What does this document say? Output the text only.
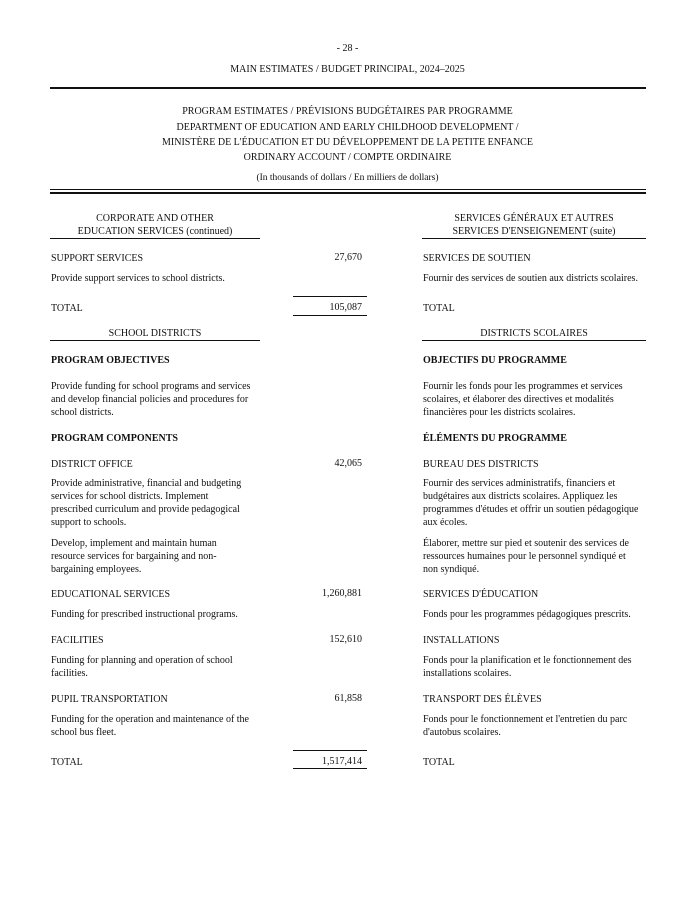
- 28 -
MAIN ESTIMATES / BUDGET PRINCIPAL, 2024–2025
PROGRAM ESTIMATES / PRÉVISIONS BUDGÉTAIRES PAR PROGRAMME
DEPARTMENT OF EDUCATION AND EARLY CHILDHOOD DEVELOPMENT /
MINISTÈRE DE L'ÉDUCATION ET DU DÉVELOPPEMENT DE LA PETITE ENFANCE
ORDINARY ACCOUNT / COMPTE ORDINAIRE
(In thousands of dollars / En milliers de dollars)
CORPORATE AND OTHER
EDUCATION SERVICES (continued)
SERVICES GÉNÉRAUX ET AUTRES
SERVICES D'ENSEIGNEMENT (suite)
SUPPORT SERVICES	27,670	SERVICES DE SOUTIEN
Provide support services to school districts.	Fournir des services de soutien aux districts scolaires.
TOTAL	105,087	TOTAL
SCHOOL DISTRICTS	DISTRICTS SCOLAIRES
PROGRAM OBJECTIVES	OBJECTIFS DU PROGRAMME
Provide funding for school programs and services
and develop financial policies and procedures for
school districts.
Fournir les fonds pour les programmes et services
scolaires, et élaborer des directives et modalités
financières pour les districts scolaires.
PROGRAM COMPONENTS	ÉLÉMENTS DU PROGRAMME
DISTRICT OFFICE	42,065	BUREAU DES DISTRICTS
Provide administrative, financial and budgeting
services for school districts. Implement
prescribed curriculum and provide pedagogical
support to schools.
Fournir des services administratifs, financiers et
budgétaires aux districts scolaires. Appliquez les
programmes d'études et offrir un soutien pédagogique
aux écoles.
Develop, implement and maintain human
resource services for bargaining and non-
bargaining employees.
Élaborer, mettre sur pied et soutenir des services de
ressources humaines pour le personnel syndiqué et
non syndiqué.
EDUCATIONAL SERVICES	1,260,881	SERVICES D'ÉDUCATION
Funding for prescribed instructional programs.	Fonds pour les programmes pédagogiques prescrits.
FACILITIES	152,610	INSTALLATIONS
Funding for planning and operation of school
facilities.
Fonds pour la planification et le fonctionnement des
installations scolaires.
PUPIL TRANSPORTATION	61,858	TRANSPORT DES ÉLÈVES
Funding for the operation and maintenance of the
school bus fleet.
Fonds pour le fonctionnement et l'entretien du parc
d'autobus scolaires.
TOTAL	1,517,414	TOTAL
